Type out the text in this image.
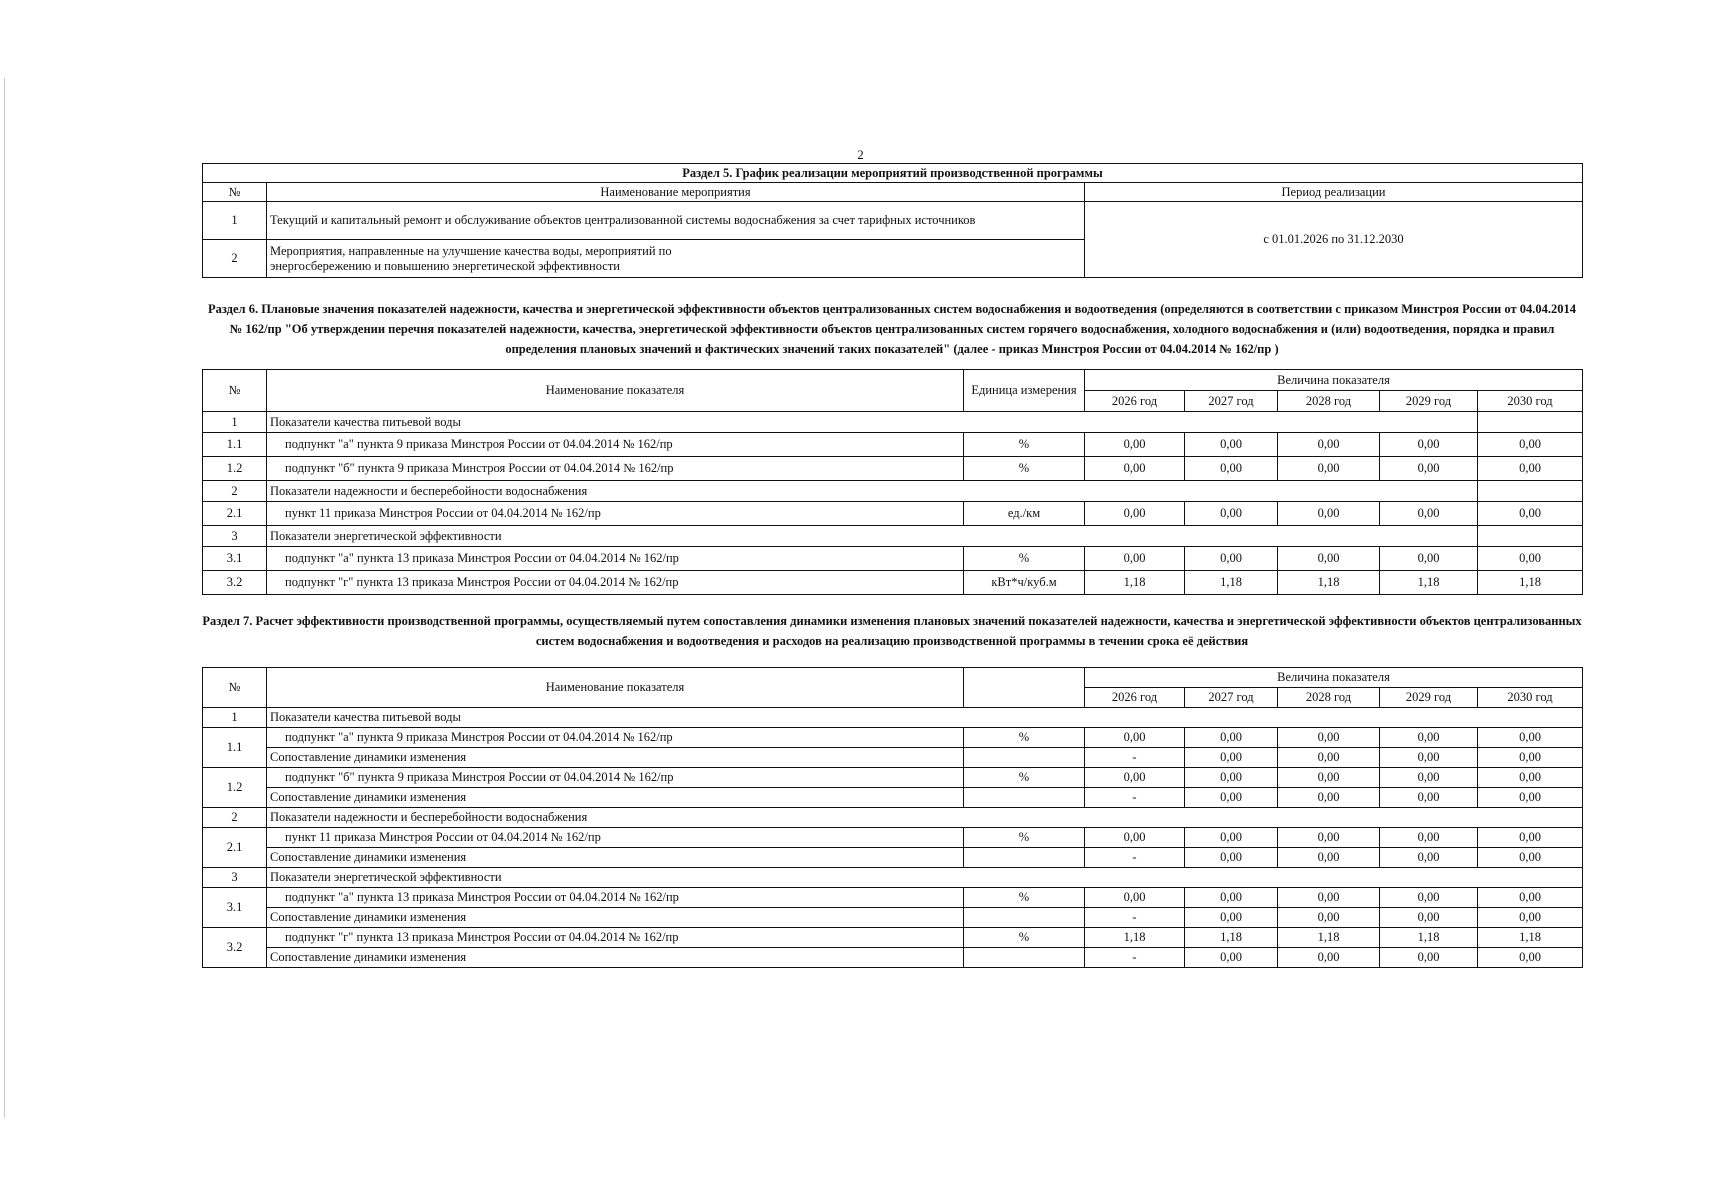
2
Раздел 5. График реализации мероприятий производственной программы		
№	Наименование мероприятия	Период реализации
1	Текущий и капитальный ремонт и обслуживание объектов централизованной системы водоснабжения за счет тарифных источников	с 01.01.2026 по 31.12.2030
2	Мероприятия, направленные на улучшение качества воды, мероприятий по энергосбережению и повышению энергетической эффективности	
Раздел 6. Плановые значения показателей надежности, качества и энергетической эффективности объектов централизованных систем водоснабжения и водоотведения (определяются в соответствии с приказом Минстроя России от 04.04.2014 № 162/пр "Об утверждении перечня показателей надежности, качества, энергетической эффективности объектов централизованных систем горячего водоснабжения, холодного водоснабжения и (или) водоотведения, порядка и правил определения плановых значений и фактических значений таких показателей" (далее - приказ Минстроя России от 04.04.2014 № 162/пр )
№	Наименование показателя	Единица измерения	Величина показателя				
			2026 год	2027 год	2028 год	2029 год	2030 год
1	Показатели качества питьевой воды						
1.1	подпункт "а" пункта 9 приказа Минстроя России от 04.04.2014 № 162/пр	%	0,00	0,00	0,00	0,00	0,00
1.2	подпункт "б" пункта 9 приказа Минстроя России от 04.04.2014 № 162/пр	%	0,00	0,00	0,00	0,00	0,00
2	Показатели надежности и бесперебойности водоснабжения						
2.1	пункт 11 приказа Минстроя России от 04.04.2014 № 162/пр	ед./км	0,00	0,00	0,00	0,00	0,00
3	Показатели энергетической эффективности						
3.1	подпункт "а" пункта 13 приказа Минстроя России от 04.04.2014 № 162/пр	%	0,00	0,00	0,00	0,00	0,00
3.2	подпункт "г" пункта 13 приказа Минстроя России от 04.04.2014 № 162/пр	кВт*ч/куб.м	1,18	1,18	1,18	1,18	1,18
Раздел 7. Расчет эффективности производственной программы, осуществляемый путем сопоставления динамики изменения плановых значений показателей надежности, качества и энергетической эффективности объектов централизованных систем водоснабжения и водоотведения и расходов на реализацию производственной программы в течении срока её действия
№	Наименование показателя		Величина показателя				
			2026 год	2027 год	2028 год	2029 год	2030 год
1	Показатели качества питьевой воды						
1.1	подпункт "а" пункта 9 приказа Минстроя России от 04.04.2014 № 162/пр	%	0,00	0,00	0,00	0,00	0,00
	Сопоставление динамики изменения		-	0,00	0,00	0,00	0,00
1.2	подпункт "б" пункта 9 приказа Минстроя России от 04.04.2014 № 162/пр	%	0,00	0,00	0,00	0,00	0,00
	Сопоставление динамики изменения		-	0,00	0,00	0,00	0,00
2	Показатели надежности и бесперебойности водоснабжения						
2.1	пункт 11 приказа Минстроя России от 04.04.2014 № 162/пр	%	0,00	0,00	0,00	0,00	0,00
	Сопоставление динамики изменения		-	0,00	0,00	0,00	0,00
3	Показатели энергетической эффективности						
3.1	подпункт "а" пункта 13 приказа Минстроя России от 04.04.2014 № 162/пр	%	0,00	0,00	0,00	0,00	0,00
	Сопоставление динамики изменения		-	0,00	0,00	0,00	0,00
3.2	подпункт "г" пункта 13 приказа Минстроя России от 04.04.2014 № 162/пр	%	1,18	1,18	1,18	1,18	1,18
	Сопоставление динамики изменения		-	0,00	0,00	0,00	0,00
